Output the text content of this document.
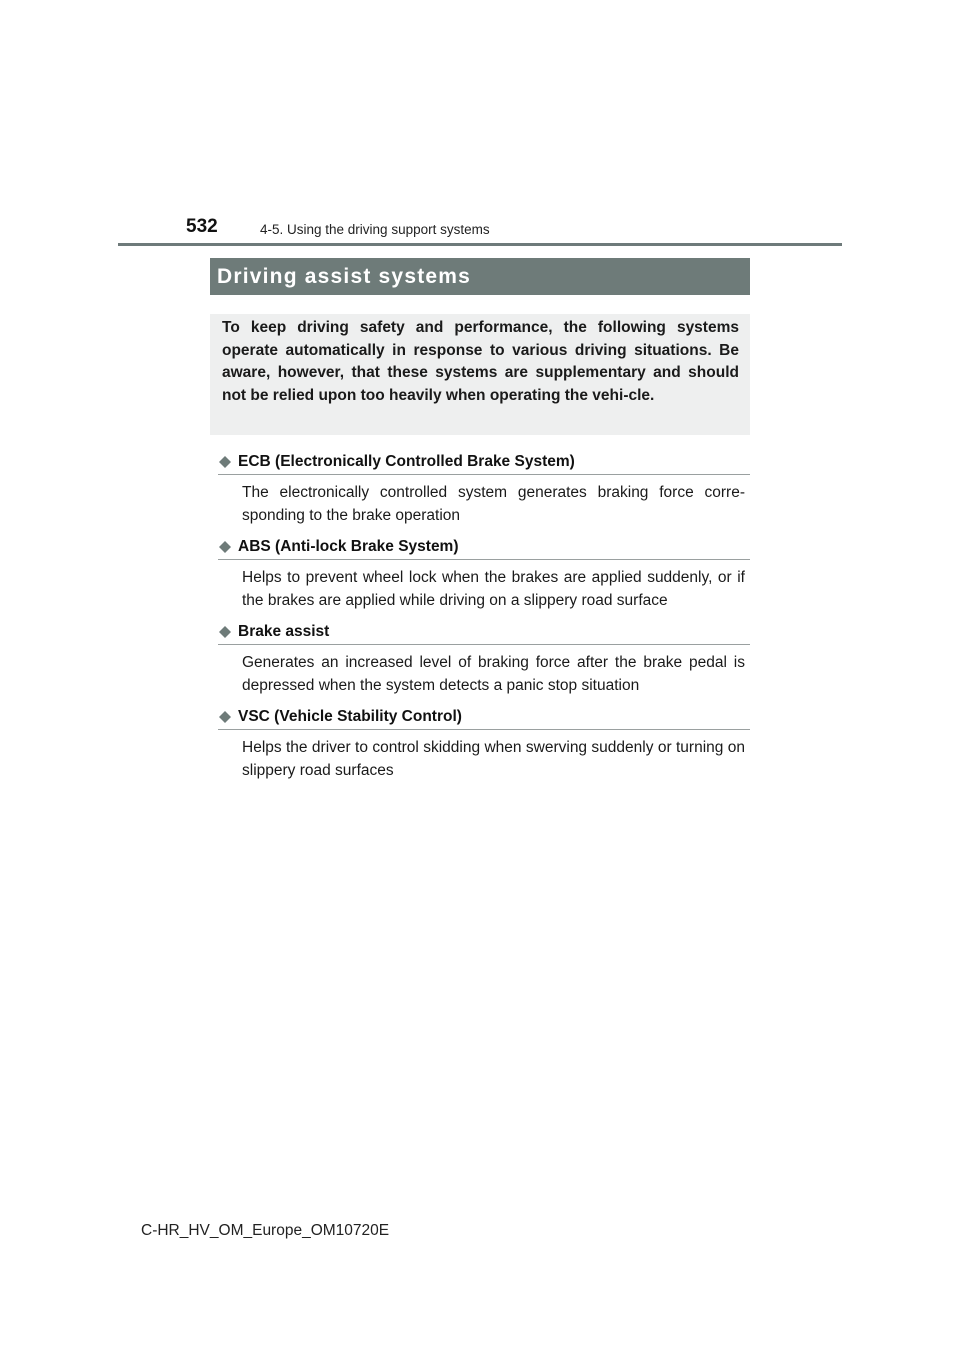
532	4-5. Using the driving support systems
Driving assist systems

To keep driving safety and performance, the following systems operate automatically in response to various driving situations. Be aware, however, that these systems are supplementary and should not be relied upon too heavily when operating the vehi-cle.

ECB (Electronically Controlled Brake System)
The electronically controlled system generates braking force corre-sponding to the brake operation
ABS (Anti-lock Brake System)
Helps to prevent wheel lock when the brakes are applied suddenly, or if the brakes are applied while driving on a slippery road surface
Brake assist
Generates an increased level of braking force after the brake pedal is depressed when the system detects a panic stop situation
VSC (Vehicle Stability Control)
Helps the driver to control skidding when swerving suddenly or turning on slippery road surfaces
C-HR_HV_OM_Europe_OM10720E
